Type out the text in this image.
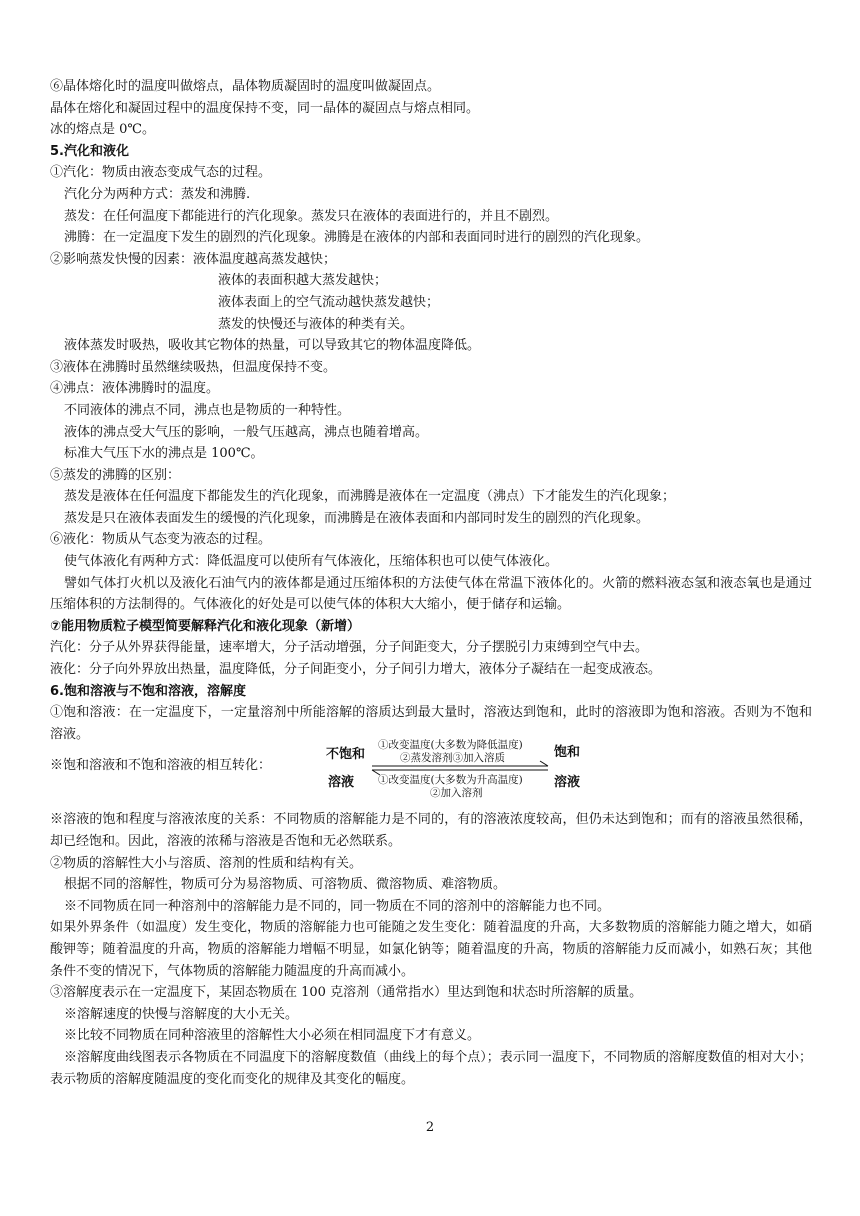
⑥晶体熔化时的温度叫做熔点，晶体物质凝固时的温度叫做凝固点。
晶体在熔化和凝固过程中的温度保持不变，同一晶体的凝固点与熔点相同。
冰的熔点是 0℃。
5.汽化和液化
①汽化：物质由液态变成气态的过程。
汽化分为两种方式：蒸发和沸腾.
蒸发：在任何温度下都能进行的汽化现象。蒸发只在液体的表面进行的，并且不剧烈。
沸腾：在一定温度下发生的剧烈的汽化现象。沸腾是在液体的内部和表面同时进行的剧烈的汽化现象。
②影响蒸发快慢的因素：液体温度越高蒸发越快；
液体的表面积越大蒸发越快；
液体表面上的空气流动越快蒸发越快；
蒸发的快慢还与液体的种类有关。
液体蒸发时吸热，吸收其它物体的热量，可以导致其它的物体温度降低。
③液体在沸腾时虽然继续吸热，但温度保持不变。
④沸点：液体沸腾时的温度。
不同液体的沸点不同，沸点也是物质的一种特性。
液体的沸点受大气压的影响，一般气压越高，沸点也随着增高。
标准大气压下水的沸点是 100℃。
⑤蒸发的沸腾的区别：
蒸发是液体在任何温度下都能发生的汽化现象，而沸腾是液体在一定温度（沸点）下才能发生的汽化现象；
蒸发是只在液体表面发生的缓慢的汽化现象，而沸腾是在液体表面和内部同时发生的剧烈的汽化现象。
⑥液化：物质从气态变为液态的过程。
使气体液化有两种方式：降低温度可以使所有气体液化，压缩体积也可以使气体液化。
譬如气体打火机以及液化石油气内的液体都是通过压缩体积的方法使气体在常温下液体化的。火箭的燃料液态氢和液态氧也是通过压缩体积的方法制得的。气体液化的好处是可以使气体的体积大大缩小，便于储存和运输。
⑦能用物质粒子模型简要解释汽化和液化现象（新增）
汽化：分子从外界获得能量，速率增大，分子活动增强，分子间距变大，分子摆脱引力束缚到空气中去。
液化：分子向外界放出热量，温度降低，分子间距变小，分子间引力增大，液体分子凝结在一起变成液态。
6.饱和溶液与不饱和溶液，溶解度
①饱和溶液：在一定温度下，一定量溶剂中所能溶解的溶质达到最大量时，溶液达到饱和，此时的溶液即为饱和溶液。否则为不饱和溶液。
※饱和溶液和不饱和溶液的相互转化：
不饱和
溶液
饱和
溶液
①改变温度(大多数为降低温度)
②蒸发溶剂③加入溶质
①改变温度(大多数为升高温度)
②加入溶剂
※溶液的饱和程度与溶液浓度的关系：不同物质的溶解能力是不同的，有的溶液浓度较高，但仍未达到饱和；而有的溶液虽然很稀，却已经饱和。因此，溶液的浓稀与溶液是否饱和无必然联系。
②物质的溶解性大小与溶质、溶剂的性质和结构有关。
根据不同的溶解性，物质可分为易溶物质、可溶物质、微溶物质、难溶物质。
※不同物质在同一种溶剂中的溶解能力是不同的，同一物质在不同的溶剂中的溶解能力也不同。
如果外界条件（如温度）发生变化，物质的溶解能力也可能随之发生变化：随着温度的升高，大多数物质的溶解能力随之增大，如硝酸钾等；随着温度的升高，物质的溶解能力增幅不明显，如氯化钠等；随着温度的升高，物质的溶解能力反而减小，如熟石灰；其他条件不变的情况下，气体物质的溶解能力随温度的升高而减小。
③溶解度表示在一定温度下，某固态物质在 100 克溶剂（通常指水）里达到饱和状态时所溶解的质量。
※溶解速度的快慢与溶解度的大小无关。
※比较不同物质在同种溶液里的溶解性大小必须在相同温度下才有意义。
※溶解度曲线图表示各物质在不同温度下的溶解度数值（曲线上的每个点）；表示同一温度下，不同物质的溶解度数值的相对大小；表示物质的溶解度随温度的变化而变化的规律及其变化的幅度。
2
